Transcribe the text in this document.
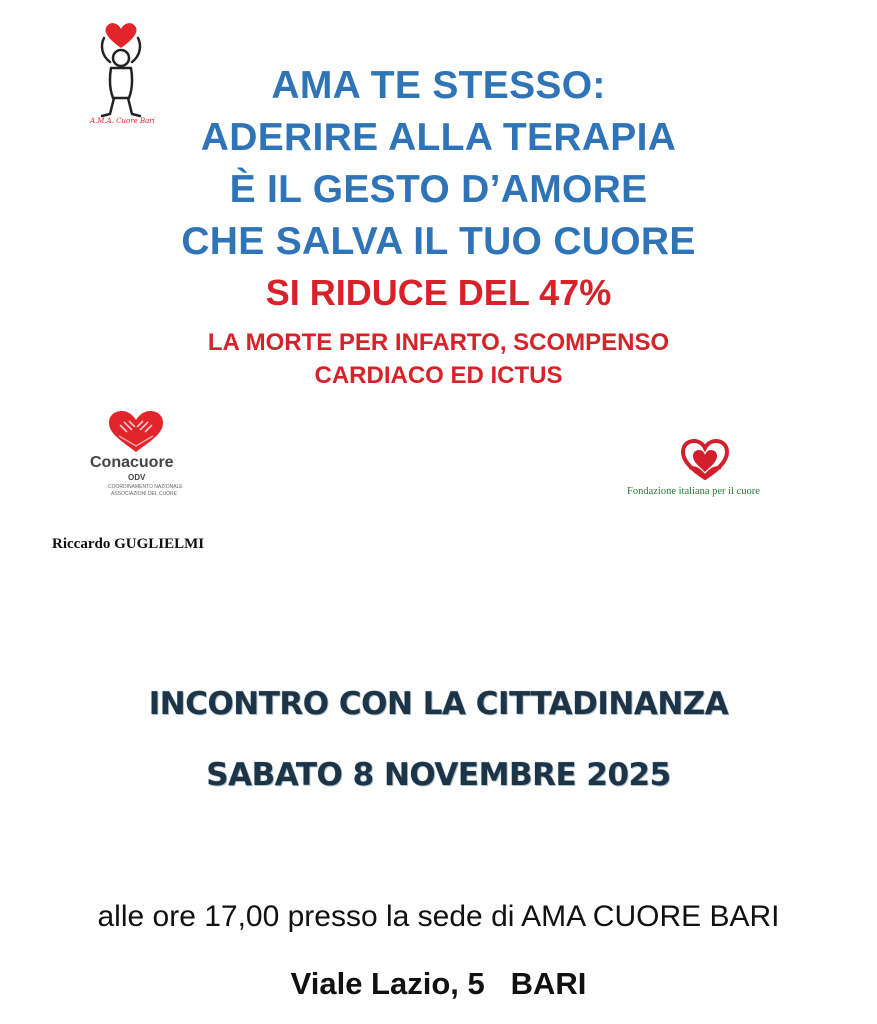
A.M.A. Cuore Bari
AMA TE STESSO:
ADERIRE ALLA TERAPIA
È IL GESTO D’AMORE
CHE SALVA IL TUO CUORE
SI RIDUCE DEL 47%
LA MORTE PER INFARTO, SCOMPENSO
CARDIACO ED ICTUS
Conacuore
ODV
COORDINAMENTO NAZIONALE
ASSOCIAZIONI DEL CUORE	Fondazione italiana per il cuore
Riccardo GUGLIELMI
INCONTRO CON LA CITTADINANZA
SABATO 8 NOVEMBRE 2025
alle ore 17,00 presso la sede di AMA CUORE BARI
Viale Lazio, 5   BARI
